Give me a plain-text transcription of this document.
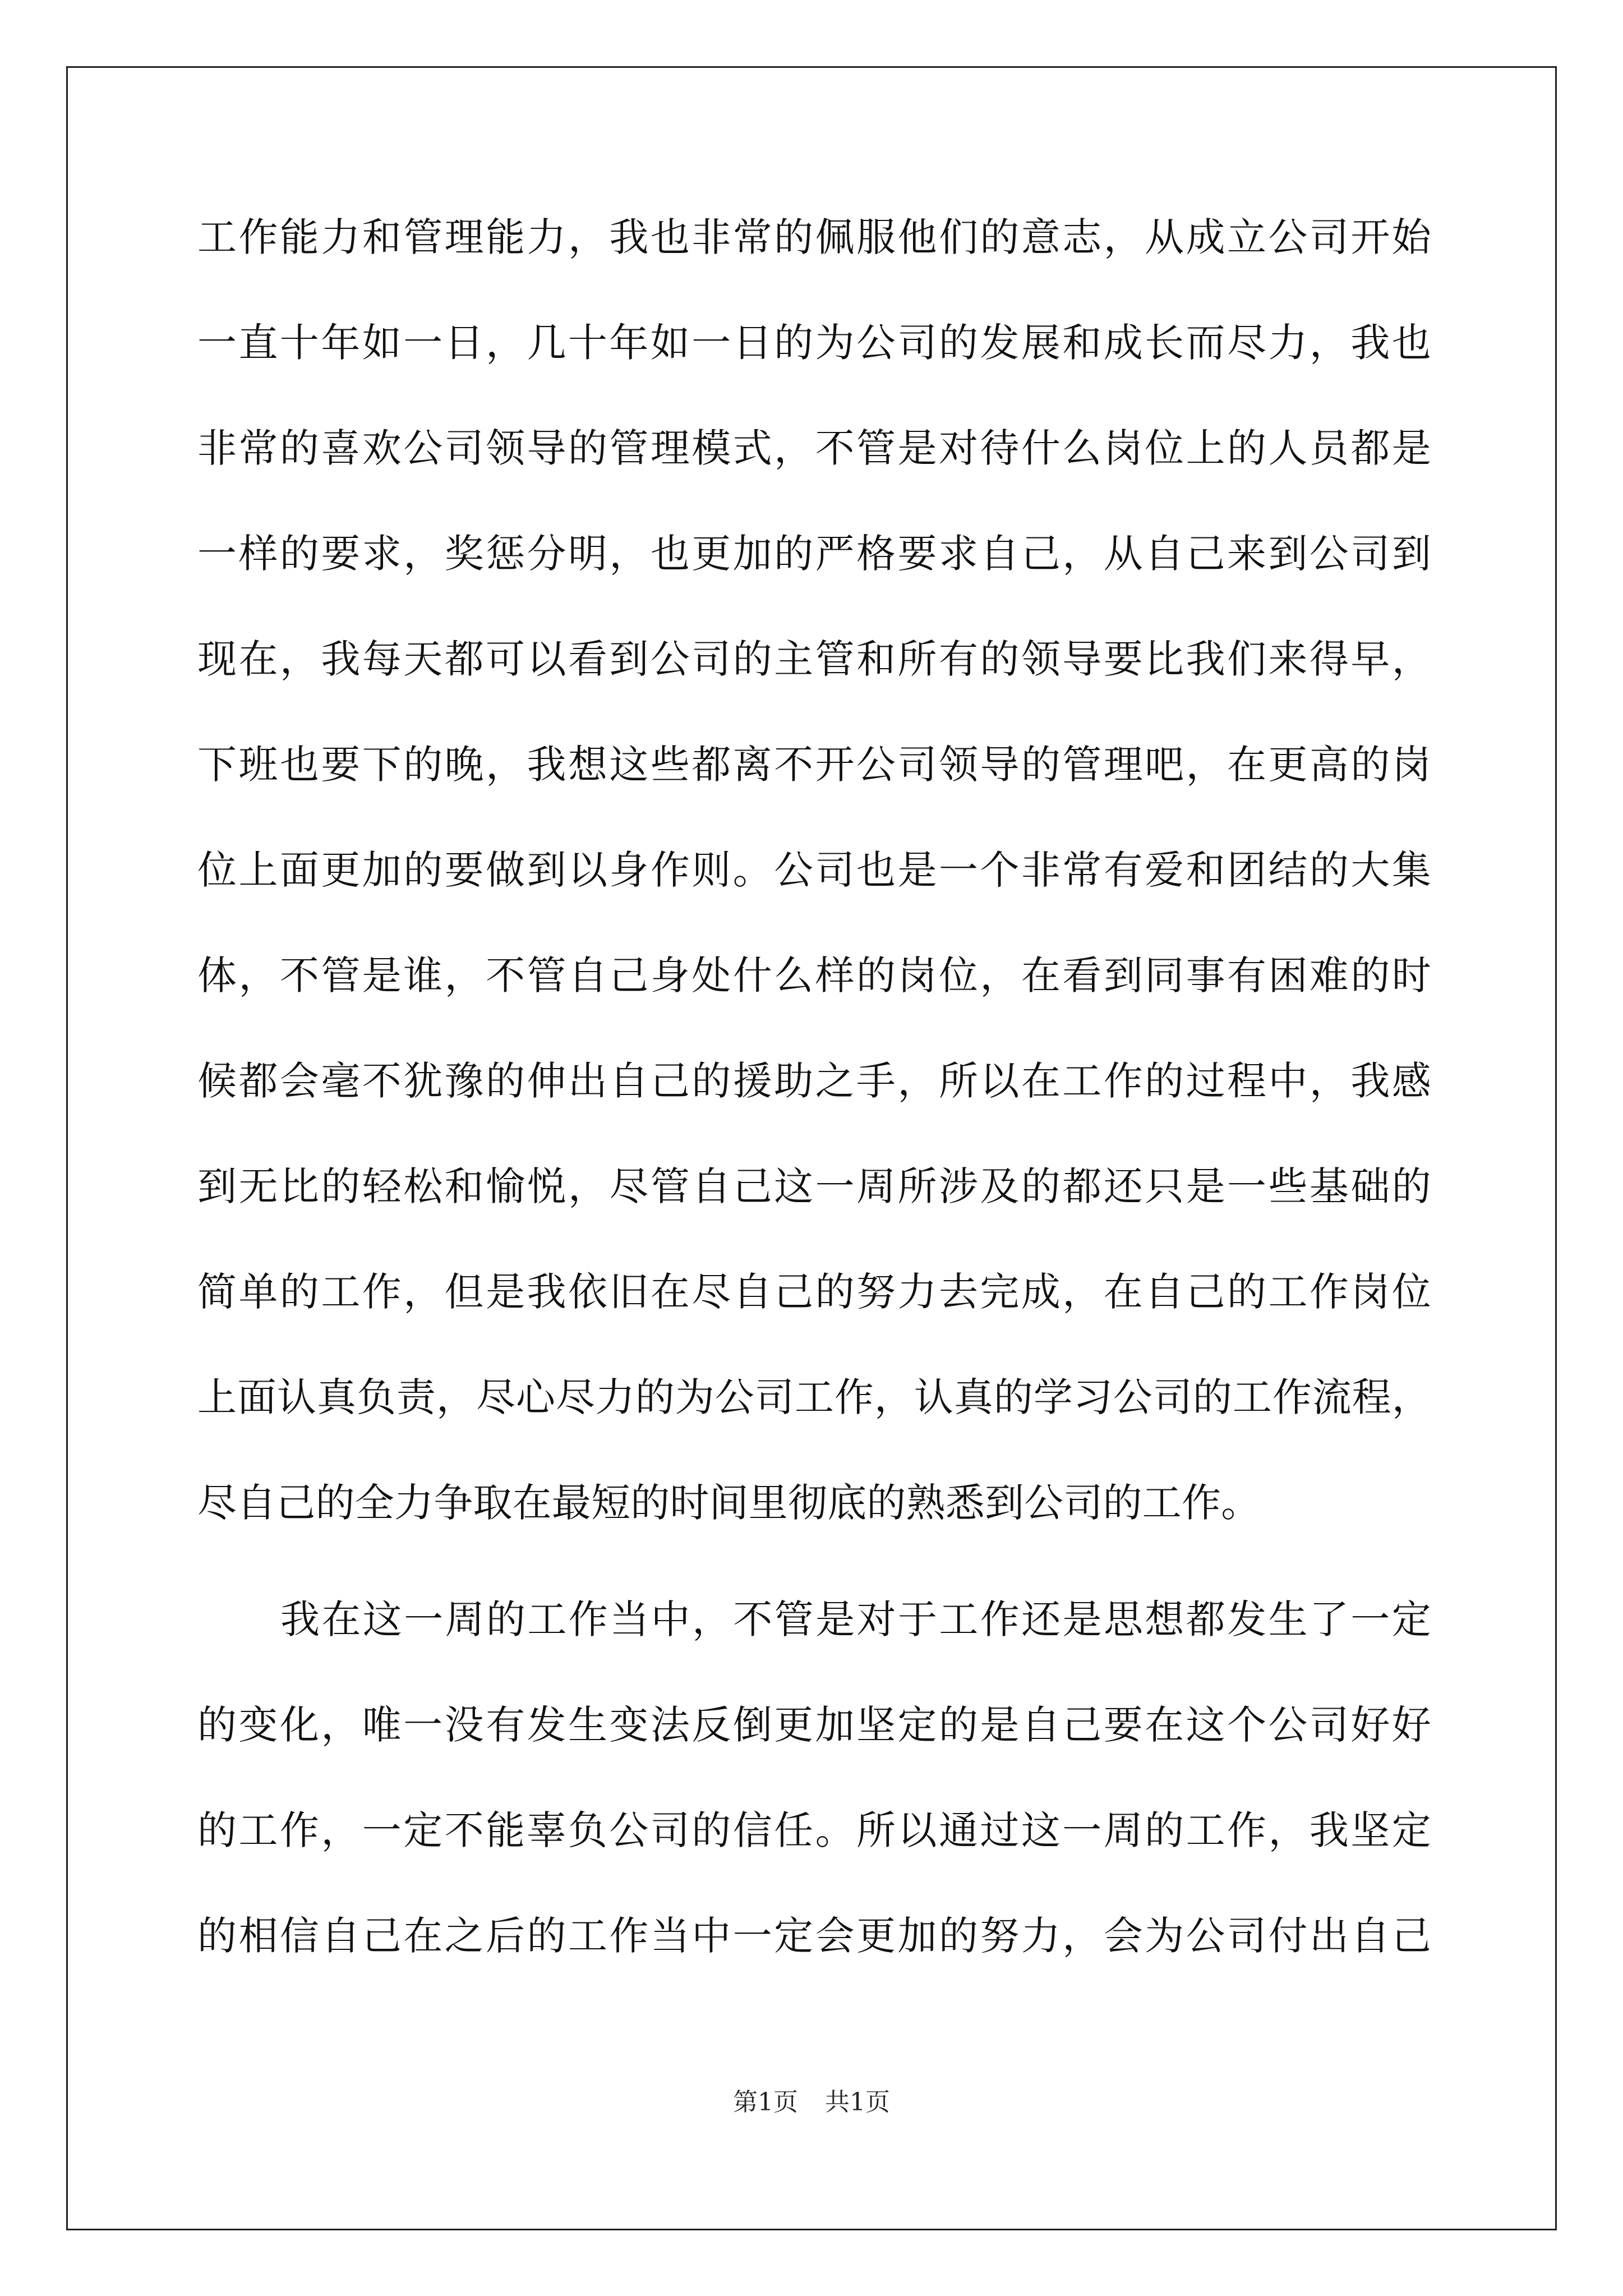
工作能力和管理能力，我也非常的佩服他们的意志，从成立公司开始
一直十年如一日，几十年如一日的为公司的发展和成长而尽力，我也
非常的喜欢公司领导的管理模式，不管是对待什么岗位上的人员都是
一样的要求，奖惩分明，也更加的严格要求自己，从自己来到公司到
现在，我每天都可以看到公司的主管和所有的领导要比我们来得早，
下班也要下的晚，我想这些都离不开公司领导的管理吧，在更高的岗
位上面更加的要做到以身作则。公司也是一个非常有爱和团结的大集
体，不管是谁，不管自己身处什么样的岗位，在看到同事有困难的时
候都会毫不犹豫的伸出自己的援助之手，所以在工作的过程中，我感
到无比的轻松和愉悦，尽管自己这一周所涉及的都还只是一些基础的
简单的工作，但是我依旧在尽自己的努力去完成，在自己的工作岗位
上面认真负责，尽心尽力的为公司工作，认真的学习公司的工作流程，
尽自己的全力争取在最短的时间里彻底的熟悉到公司的工作。
我在这一周的工作当中，不管是对于工作还是思想都发生了一定
的变化，唯一没有发生变法反倒更加坚定的是自己要在这个公司好好
的工作，一定不能辜负公司的信任。所以通过这一周的工作，我坚定
的相信自己在之后的工作当中一定会更加的努力，会为公司付出自己
第1页 共1页
